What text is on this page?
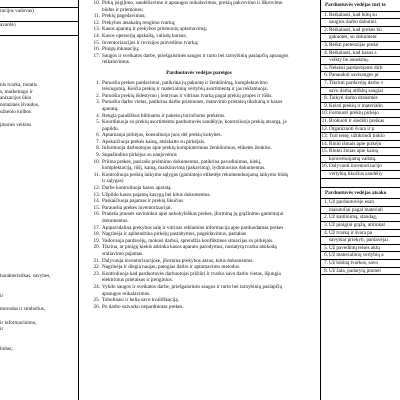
racijos vadovas)
avardė)
nis tvarka, tiutatis
s, marketingo ir
anizacijos ūkio
nolazinės išvaidos,
užsenio kolbos
įmonės veiklos
harakteristikas, savybes,
ir
morodas ir simbolius,
ir informacinimo,
ir
bidus;
10. Pirkų įsigijimo, sandėliavimo ir apsaugos reikalavimus, prekių pakrovimo ir iškrovimo
būdus ir priemones;
11. Prekių pagedavimus;
12. Prekybos atsakaitų rengimo tvarką;
13. Kasos aparatų ir prekybos priemonių aptarnavimą;
14. Kasos operacijų apskaitą, valiutų kursus;
15. Inventorizacijos ir revizijos pravedimo tvarką;
16. Pinigų inkasacijų;
17. Saugos ir sveikatos darbe, priešgaisrinės saugos ir turto bei tarnybinių paslapčių apsaugos
reikalavimus.
Parduotuvės vedėjas pareigos
1. Paruošia prekes pardavimui, patikrina jų pakuotę ir ženklinimą, komplektavimo
teisingumą. Keičia prekių ir materialinių vertybių asortimentą ir jas reklamuoja.
2. Paruošia prekių išdėstymo į lentynas ir vitrinas tvarką pagal prekių grupes ir rūšis.
3. Paruošia darbo vietas, patikrina darbo priemones, matavimo prietaisų tikslumą ir kasos
aparatą.
4. Rengia parašiškus biltinams ir pakeisų turinčioms prekėms.
5. Koordinuoja su prekių asortimentu parduotuvės sandėlyje, kontroliuoja prekių atsargą, ja
papildo.
6. Aptarnauja pirkėjus, konsultuoja juos dėl prekių kokybės.
7. Apskaičiuoja prekės kainą, atsiskaito su pirkėjais.
8. Informuoja darbuotojus apie prekių kompiuterinius ženklinimus, etiketės ženklus.
9. Supažindina pirkėjus su naujovėmis
10. Priima prekes, pasirašo priėmimo dokumentus, patikrina pavadinimus, kiekį,
komplektaciją, rūšį, kainą, markiravimą (pakavimą), lydimuosius dokumentus.
11. Kontroliuoja prekių laikymo sąlygas (gamintojo etiketėje rekomenduojamą laikymo būdą
ir sąlygas)
12. Darbe kontroliuoja kasos aparatą.
13. Užpildo kasos pajamų kasygą bei kitus dokumentus.
14. Paskaičiuoja pajamas ir prekių likučius
15. Parauošia prekes inventorizacijai.
16. Praneša įmonės savininkui apie nekokybiškas prekes, įforminą jų grąžinimo gamintojui
dokumentus.
17. Apipavidalina prekybos salę ir vitrinas reklamine informacija apie parduodamas prekes
18. Nagrinėja ir apibendrina pirkėjų pastabymus, pageidavimus, pastabas
19. Vadovauja pardavėjų, mokosi darbui, sprendžia konfliktines situacijas su pirkėjais.
20. Tikrina, ar pinigų kiekis atitinka kasos aparato parodymus, nustatytą tvarka atsikodą
sraliavimo pajamas.
21. Dalyvauja inventorizacijose, įformina prekybos aktus, kitus dokumentus.
22. Nagrinėja ir diegia naujas, patogias darbo ir aptarnavimo metodus.
23. Kontroliuoja kad parduotuvės darbuotojai prižiūri ir tvarko savo darbo vietas, išjungia
elektrinius prietaisus ir įrenginius.
24. Vykdo saugos ir sveikatos darbe, priešgaisrinės saugos ir turto bei tarnybinių paslapčių
apsaugos reikalavimus.
25. Tobulinasi ir kelia savo kvalifikaciją.
26. Po darbo sutvarko nepardtuotas prekes.
Parduotuvės vedėjas turi te
1. Reikalauti, kad būtų su
saugios darbo dabutini.
2. Reikalauti, kad prekės bū
gakuotės, su dokument
3. Reikti pretenzijas prekė
4. Reikalauti, kad kasos s
veikty be autokmų.
5. Neleisti pardavėjams dirb
6. Panaudoti savisanges pr
7. Tikrinti pardavėjų darbo v
savo darbą atlikhų saugiai
8. Taikyti darbo drausmės
9. Keisti prekių ir materialin
10. Formuoti prekių pirkėjo
11. Brokuoti ir sledišti preikas
12. Organizuoti švara ir p
13. Turi teisę, užtikrindi tinklo
14. Riniti išmais apie pirkėju
15. Rinkti žinias apie kainų
konvertuojamą valistą.
16. Dalyvauti inventorizacijo
vertybių likučius sandėliy
Parduotuvės vedėjas atsako
1. Už parduotuvėje esan
masutoliai pagal materiali
2. Už kaitlinimą, standag,
3. Už pinigini grąžų, atitinkat
4. Už tvarką ir švara pa
savybiai priekyti, pardavėjai
5. Už pavedintų teisės aktų
6. Už materialinių vertybių a
7. Už būtiną tvarkos, savo
8. Už žala, padarytą įmonei
